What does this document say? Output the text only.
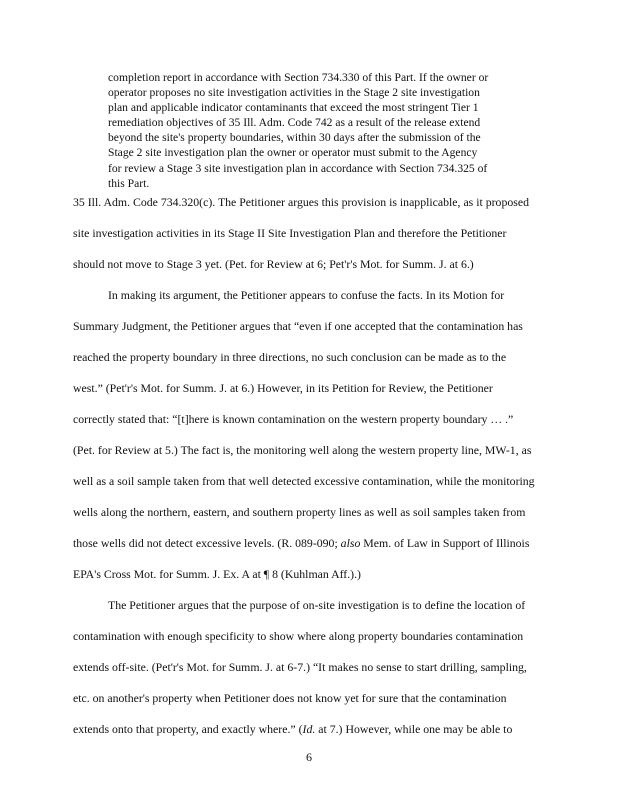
completion report in accordance with Section 734.330 of this Part. If the owner or
operator proposes no site investigation activities in the Stage 2 site investigation
plan and applicable indicator contaminants that exceed the most stringent Tier 1
remediation objectives of 35 Ill. Adm. Code 742 as a result of the release extend
beyond the site's property boundaries, within 30 days after the submission of the
Stage 2 site investigation plan the owner or operator must submit to the Agency
for review a Stage 3 site investigation plan in accordance with Section 734.325 of
this Part.
35 Ill. Adm. Code 734.320(c). The Petitioner argues this provision is inapplicable, as it proposed
site investigation activities in its Stage II Site Investigation Plan and therefore the Petitioner
should not move to Stage 3 yet. (Pet. for Review at 6; Pet'r's Mot. for Summ. J. at 6.)
In making its argument, the Petitioner appears to confuse the facts. In its Motion for
Summary Judgment, the Petitioner argues that “even if one accepted that the contamination has
reached the property boundary in three directions, no such conclusion can be made as to the
west.” (Pet'r's Mot. for Summ. J. at 6.) However, in its Petition for Review, the Petitioner
correctly stated that: “[t]here is known contamination on the western property boundary … .”
(Pet. for Review at 5.) The fact is, the monitoring well along the western property line, MW-1, as
well as a soil sample taken from that well detected excessive contamination, while the monitoring
wells along the northern, eastern, and southern property lines as well as soil samples taken from
those wells did not detect excessive levels. (R. 089-090; also Mem. of Law in Support of Illinois
EPA's Cross Mot. for Summ. J. Ex. A at ¶ 8 (Kuhlman Aff.).)
The Petitioner argues that the purpose of on-site investigation is to define the location of
contamination with enough specificity to show where along property boundaries contamination
extends off-site. (Pet'r's Mot. for Summ. J. at 6-7.) “It makes no sense to start drilling, sampling,
etc. on another's property when Petitioner does not know yet for sure that the contamination
extends onto that property, and exactly where.” (Id. at 7.) However, while one may be able to
6
